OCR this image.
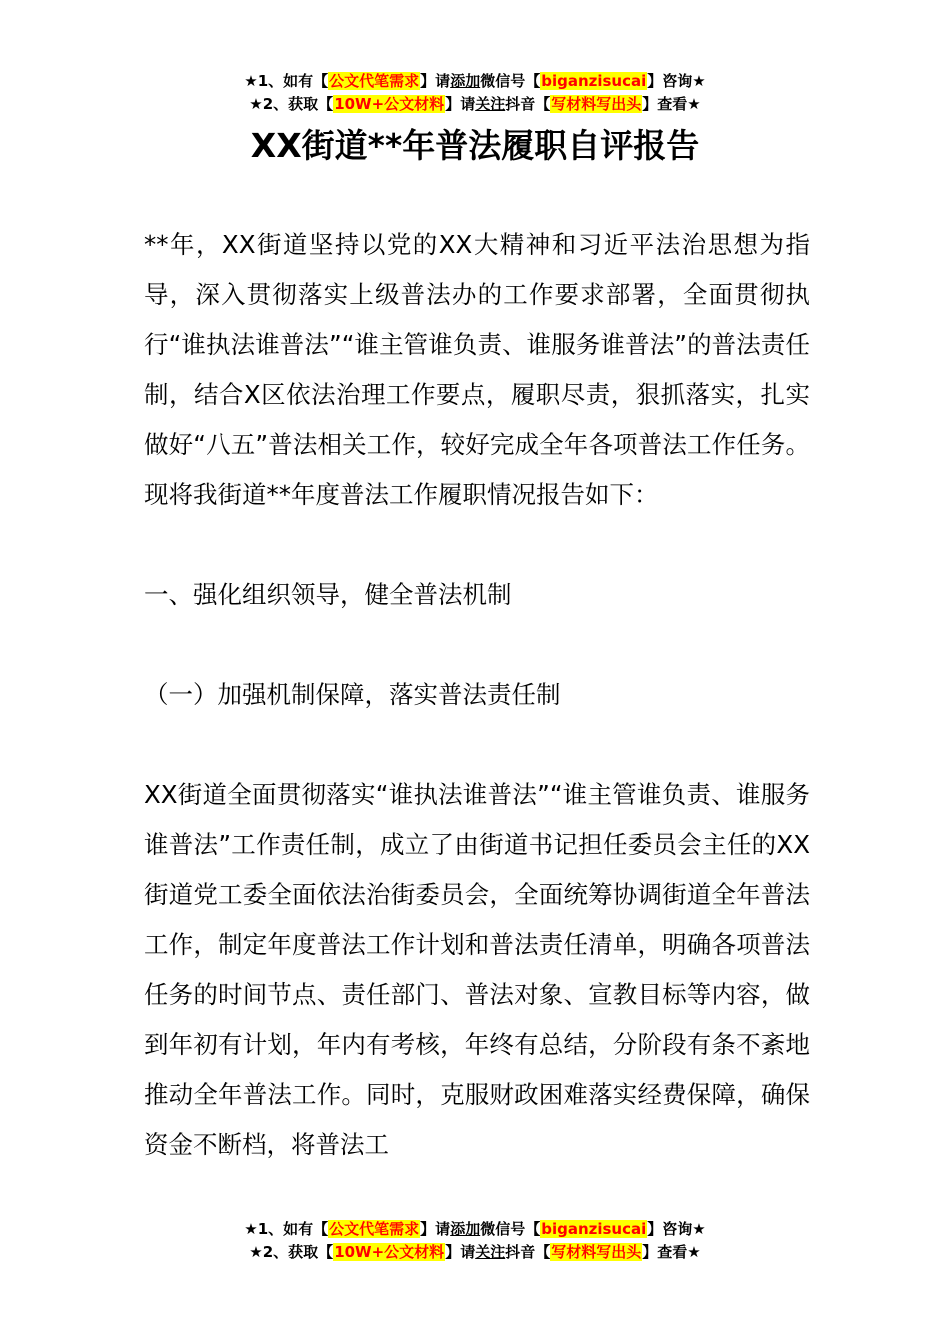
★1、如有【公文代笔需求】请添加微信号【biganzisucai】咨询★
★2、获取【10W+公文材料】请关注抖音【写材料写出头】查看★
XX街道**年普法履职自评报告

**年，XX街道坚持以党的XX大精神和习近平法治思想为指导，深入贯彻落实上级普法办的工作要求部署，全面贯彻执行“谁执法谁普法”“谁主管谁负责、谁服务谁普法”的普法责任制，结合X区依法治理工作要点，履职尽责，狠抓落实，扎实做好“八五”普法相关工作，较好完成全年各项普法工作任务。现将我街道**年度普法工作履职情况报告如下：

一、强化组织领导，健全普法机制

（一）加强机制保障，落实普法责任制

XX街道全面贯彻落实“谁执法谁普法”“谁主管谁负责、谁服务谁普法”工作责任制，成立了由街道书记担任委员会主任的XX街道党工委全面依法治街委员会，全面统筹协调街道全年普法工作，制定年度普法工作计划和普法责任清单，明确各项普法任务的时间节点、责任部门、普法对象、宣教目标等内容，做到年初有计划，年内有考核，年终有总结，分阶段有条不紊地推动全年普法工作。同时，克服财政困难落实经费保障，确保资金不断档，将普法工

★1、如有【公文代笔需求】请添加微信号【biganzisucai】咨询★
★2、获取【10W+公文材料】请关注抖音【写材料写出头】查看★
